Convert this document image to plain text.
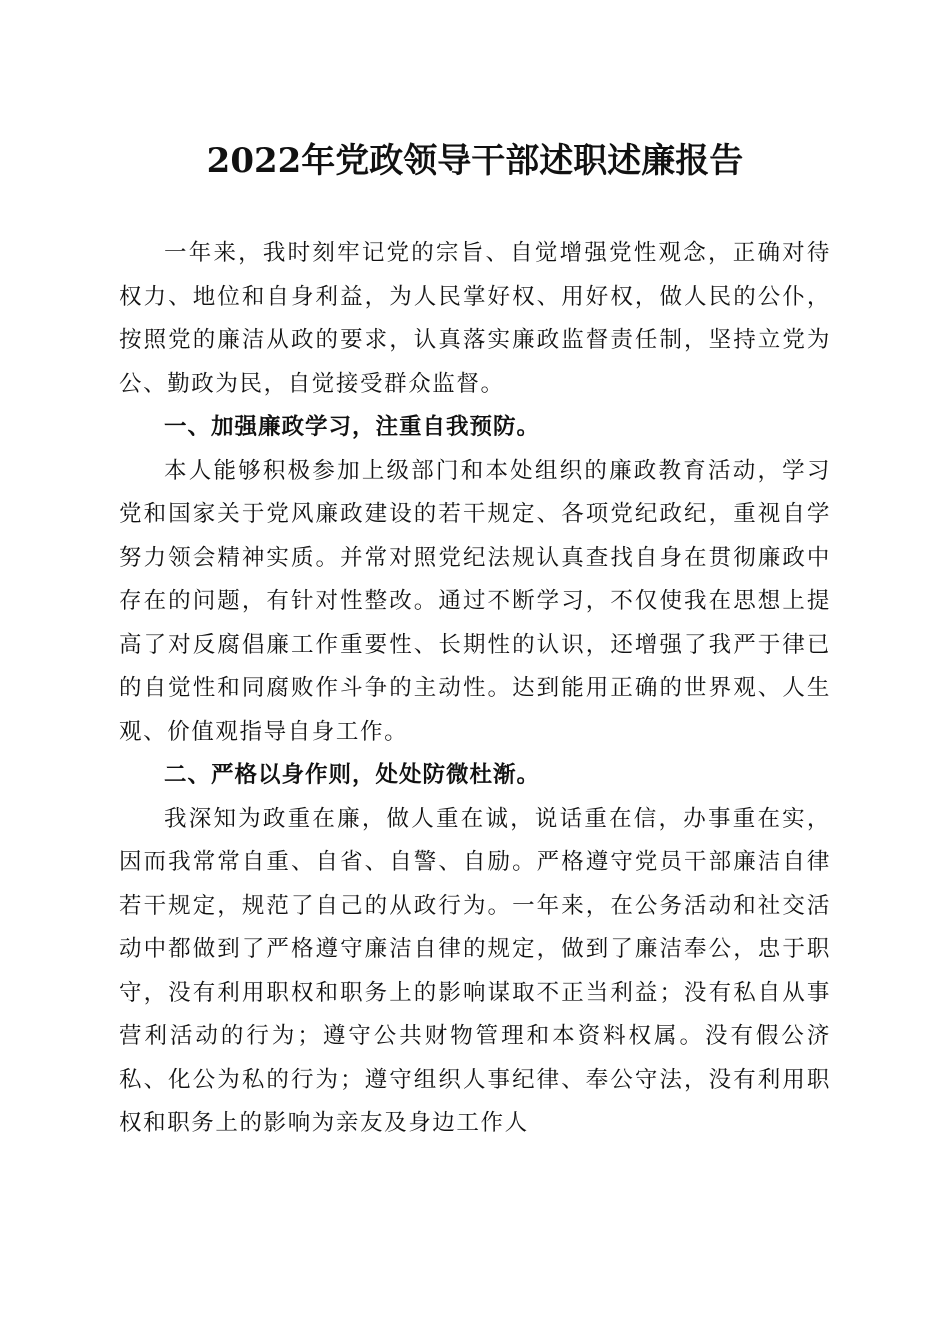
2022年党政领导干部述职述廉报告

一年来，我时刻牢记党的宗旨、自觉增强党性观念，正确对待权力、地位和自身利益，为人民掌好权、用好权，做人民的公仆，按照党的廉洁从政的要求，认真落实廉政监督责任制，坚持立党为公、勤政为民，自觉接受群众监督。

一、加强廉政学习，注重自我预防。

本人能够积极参加上级部门和本处组织的廉政教育活动，学习党和国家关于党风廉政建设的若干规定、各项党纪政纪，重视自学努力领会精神实质。并常对照党纪法规认真查找自身在贯彻廉政中存在的问题，有针对性整改。通过不断学习，不仅使我在思想上提高了对反腐倡廉工作重要性、长期性的认识，还增强了我严于律已的自觉性和同腐败作斗争的主动性。达到能用正确的世界观、人生观、价值观指导自身工作。

二、严格以身作则，处处防微杜渐。

我深知为政重在廉，做人重在诚，说话重在信，办事重在实，因而我常常自重、自省、自警、自励。严格遵守党员干部廉洁自律若干规定，规范了自己的从政行为。一年来，在公务活动和社交活动中都做到了严格遵守廉洁自律的规定，做到了廉洁奉公，忠于职守，没有利用职权和职务上的影响谋取不正当利益；没有私自从事营利活动的行为；遵守公共财物管理和本资料权属。没有假公济私、化公为私的行为；遵守组织人事纪律、奉公守法，没有利用职权和职务上的影响为亲友及身边工作人
